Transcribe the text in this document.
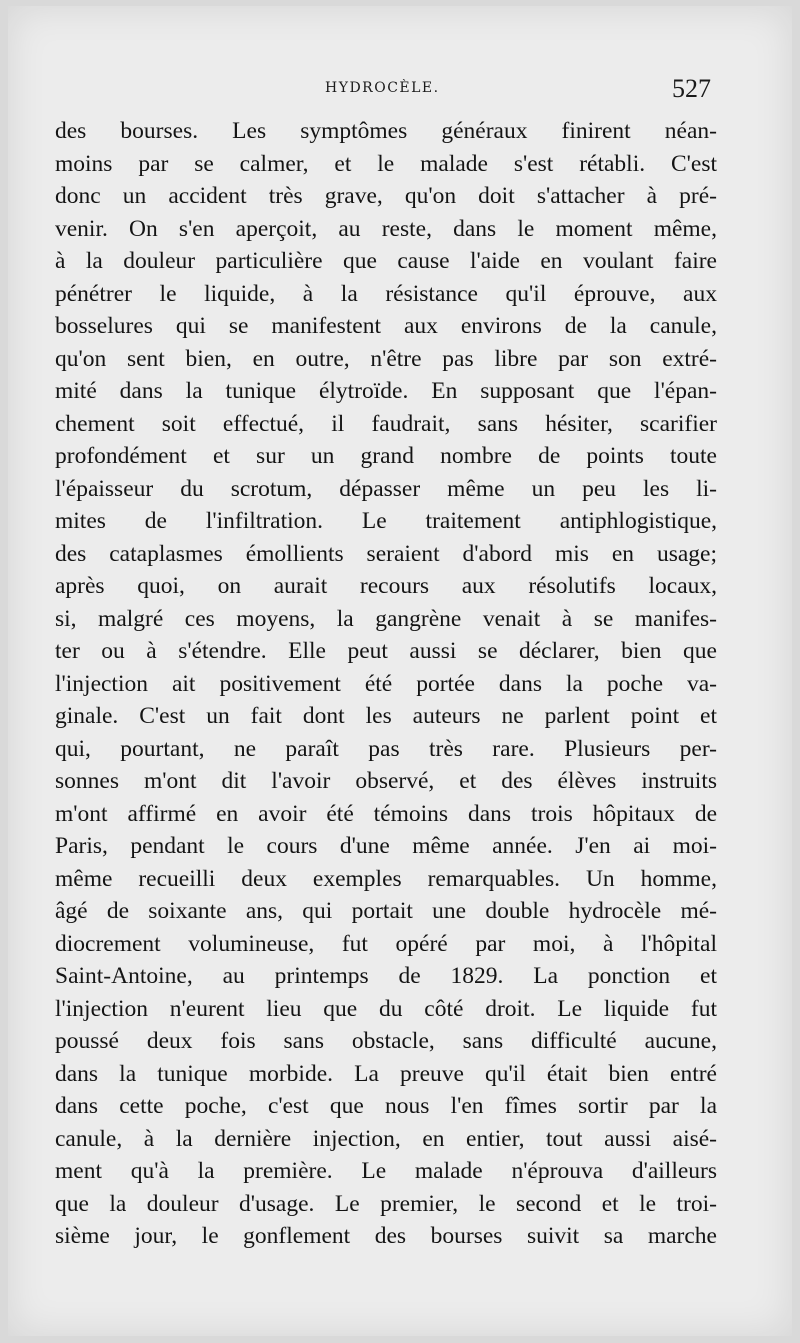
HYDROCÈLE.	527
des bourses. Les symptômes généraux finirent néan-
moins par se calmer, et le malade s'est rétabli. C'est
donc un accident très grave, qu'on doit s'attacher à pré-
venir. On s'en aperçoit, au reste, dans le moment même,
à la douleur particulière que cause l'aide en voulant faire
pénétrer le liquide, à la résistance qu'il éprouve, aux
bosselures qui se manifestent aux environs de la canule,
qu'on sent bien, en outre, n'être pas libre par son extré-
mité dans la tunique élytroïde. En supposant que l'épan-
chement soit effectué, il faudrait, sans hésiter, scarifier
profondément et sur un grand nombre de points toute
l'épaisseur du scrotum, dépasser même un peu les li-
mites de l'infiltration. Le traitement antiphlogistique,
des cataplasmes émollients seraient d'abord mis en usage;
après quoi, on aurait recours aux résolutifs locaux,
si, malgré ces moyens, la gangrène venait à se manifes-
ter ou à s'étendre. Elle peut aussi se déclarer, bien que
l'injection ait positivement été portée dans la poche va-
ginale. C'est un fait dont les auteurs ne parlent point et
qui, pourtant, ne paraît pas très rare. Plusieurs per-
sonnes m'ont dit l'avoir observé, et des élèves instruits
m'ont affirmé en avoir été témoins dans trois hôpitaux de
Paris, pendant le cours d'une même année. J'en ai moi-
même recueilli deux exemples remarquables. Un homme,
âgé de soixante ans, qui portait une double hydrocèle mé-
diocrement volumineuse, fut opéré par moi, à l'hôpital
Saint-Antoine, au printemps de 1829. La ponction et
l'injection n'eurent lieu que du côté droit. Le liquide fut
poussé deux fois sans obstacle, sans difficulté aucune,
dans la tunique morbide. La preuve qu'il était bien entré
dans cette poche, c'est que nous l'en fîmes sortir par la
canule, à la dernière injection, en entier, tout aussi aisé-
ment qu'à la première. Le malade n'éprouva d'ailleurs
que la douleur d'usage. Le premier, le second et le troi-
sième jour, le gonflement des bourses suivit sa marche
